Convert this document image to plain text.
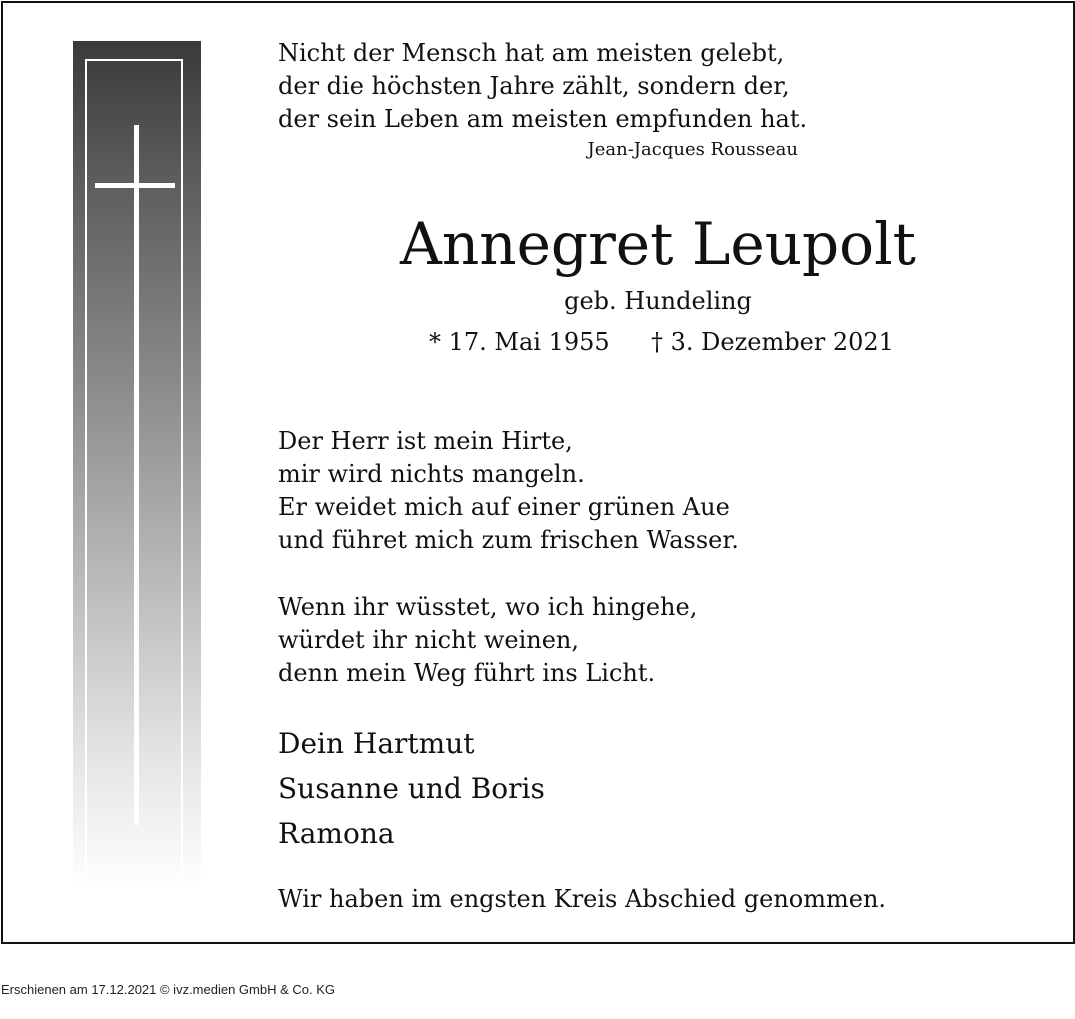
Nicht der Mensch hat am meisten gelebt,
der die höchsten Jahre zählt, sondern der,
der sein Leben am meisten empfunden hat.
Jean-Jacques Rousseau
Annegret Leupolt
geb. Hundeling
* 17. Mai 1955 † 3. Dezember 2021
Der Herr ist mein Hirte,
mir wird nichts mangeln.
Er weidet mich auf einer grünen Aue
und führet mich zum frischen Wasser.
Wenn ihr wüsstet, wo ich hingehe,
würdet ihr nicht weinen,
denn mein Weg führt ins Licht.
Dein Hartmut
Susanne und Boris
Ramona
Wir haben im engsten Kreis Abschied genommen.
Erschienen am 17.12.2021 © ivz.medien GmbH & Co. KG
